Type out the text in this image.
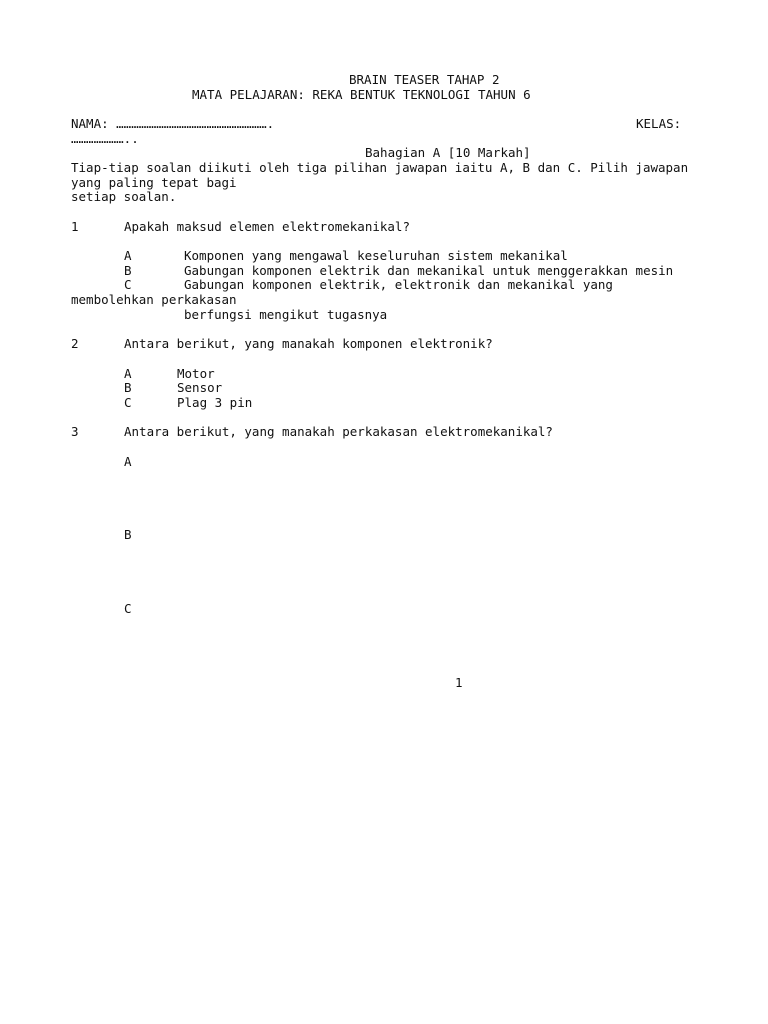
BRAIN TEASER TAHAP 2
MATA PELAJARAN: REKA BENTUK TEKNOLOGI TAHUN 6
NAMA: …………………………………………………….	KELAS:
…………………..
Bahagian A [10 Markah]
Tiap-tiap soalan diikuti oleh tiga pilihan jawapan iaitu A, B dan C. Pilih jawapan
yang paling tepat bagi
setiap soalan.
1	Apakah maksud elemen elektromekanikal?
A	Komponen yang mengawal keseluruhan sistem mekanikal
B	Gabungan komponen elektrik dan mekanikal untuk menggerakkan mesin
C	Gabungan komponen elektrik, elektronik dan mekanikal yang
membolehkan perkakasan
berfungsi mengikut tugasnya
2	Antara berikut, yang manakah komponen elektronik?
A	Motor
B	Sensor
C	Plag 3 pin
3	Antara berikut, yang manakah perkakasan elektromekanikal?
A
B
C
1
